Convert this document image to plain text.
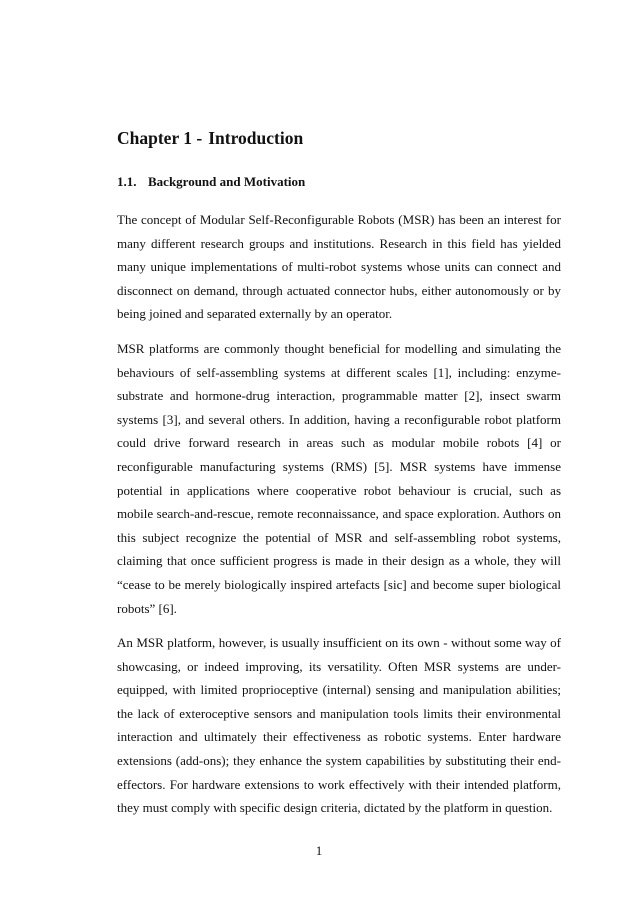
Chapter 1 - Introduction
1.1. Background and Motivation

The concept of Modular Self-Reconfigurable Robots (MSR) has been an interest for many different research groups and institutions. Research in this field has yielded many unique implementations of multi-robot systems whose units can connect and disconnect on demand, through actuated connector hubs, either autonomously or by being joined and separated externally by an operator.

MSR platforms are commonly thought beneficial for modelling and simulating the behaviours of self-assembling systems at different scales [1], including: enzyme-substrate and hormone-drug interaction, programmable matter [2], insect swarm systems [3], and several others. In addition, having a reconfigurable robot platform could drive forward research in areas such as modular mobile robots [4] or reconfigurable manufacturing systems (RMS) [5]. MSR systems have immense potential in applications where cooperative robot behaviour is crucial, such as mobile search-and-rescue, remote reconnaissance, and space exploration. Authors on this subject recognize the potential of MSR and self-assembling robot systems, claiming that once sufficient progress is made in their design as a whole, they will “cease to be merely biologically inspired artefacts [sic] and become super biological robots” [6].

An MSR platform, however, is usually insufficient on its own - without some way of showcasing, or indeed improving, its versatility. Often MSR systems are under-equipped, with limited proprioceptive (internal) sensing and manipulation abilities; the lack of exteroceptive sensors and manipulation tools limits their environmental interaction and ultimately their effectiveness as robotic systems. Enter hardware extensions (add-ons); they enhance the system capabilities by substituting their end-effectors. For hardware extensions to work effectively with their intended platform, they must comply with specific design criteria, dictated by the platform in question.

1
